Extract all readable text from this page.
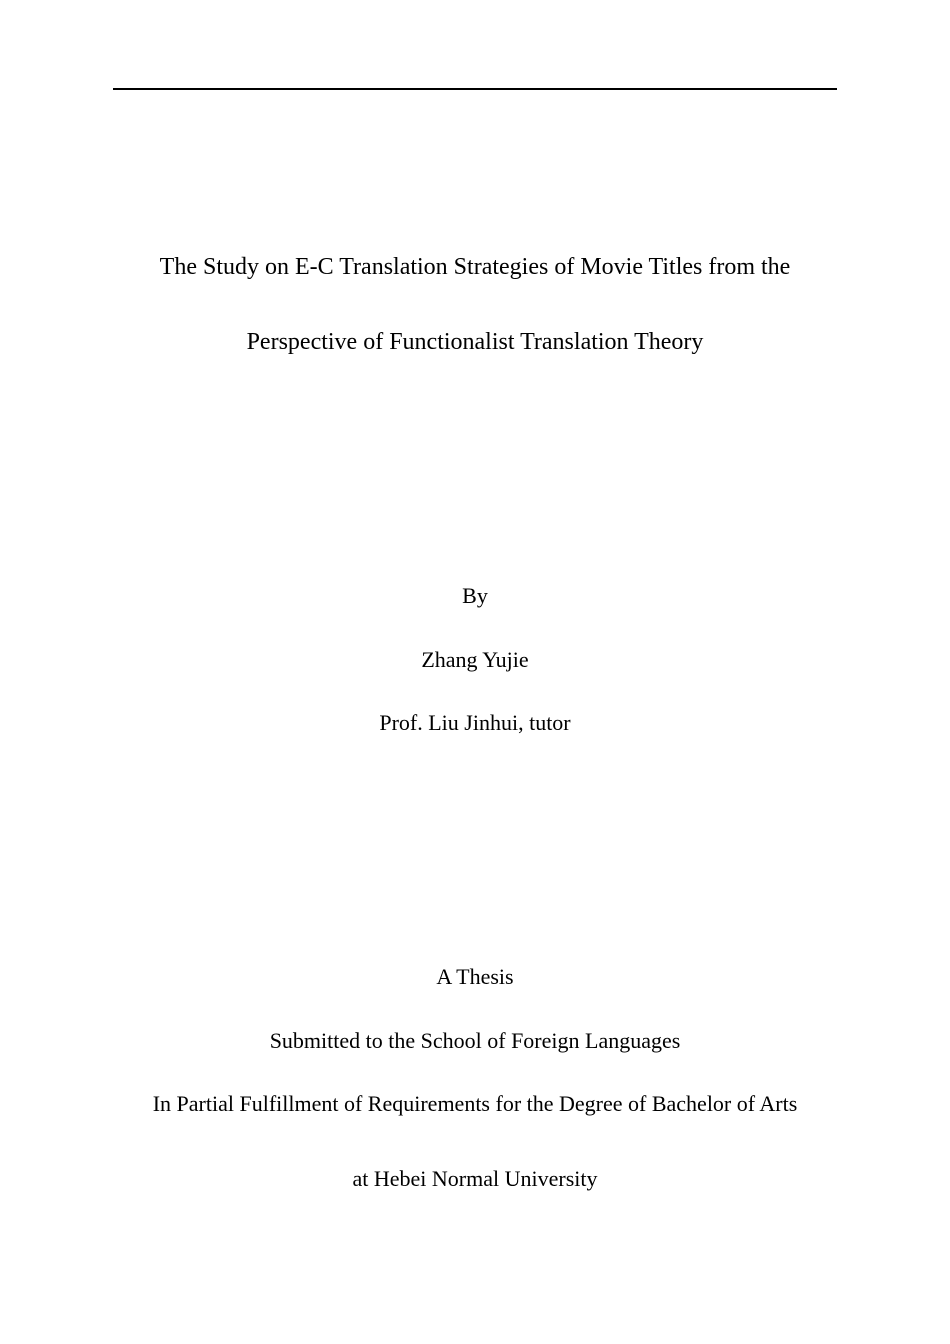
The Study on E-C Translation Strategies of Movie Titles from the
Perspective of Functionalist Translation Theory
By
Zhang Yujie
Prof. Liu Jinhui, tutor
A Thesis
Submitted to the School of Foreign Languages
In Partial Fulfillment of Requirements for the Degree of Bachelor of Arts
at Hebei Normal University
